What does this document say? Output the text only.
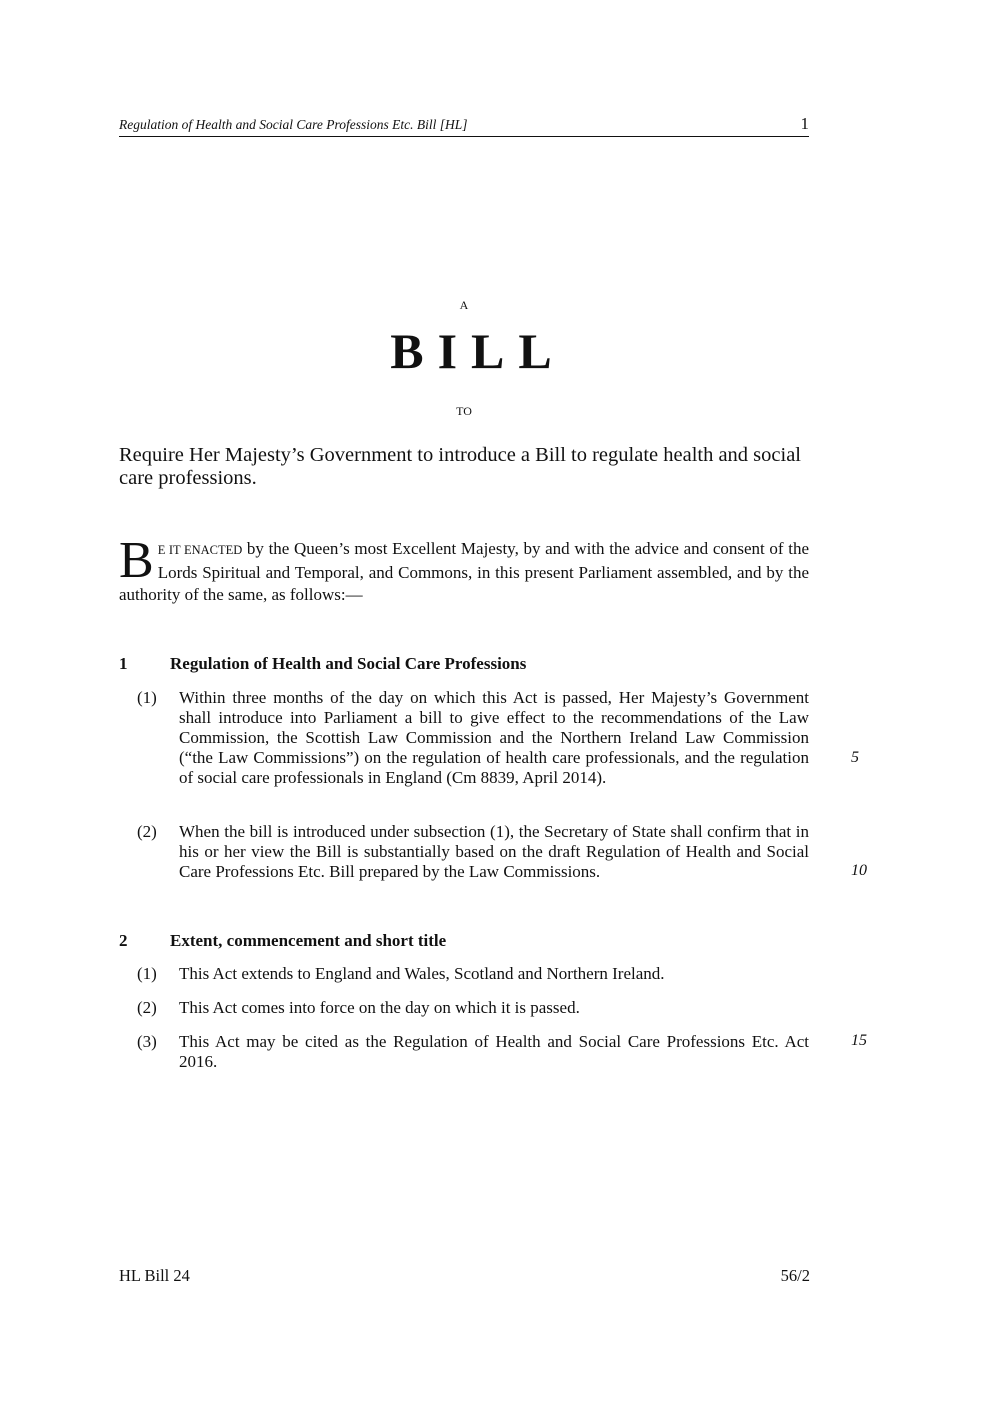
Regulation of Health and Social Care Professions Etc. Bill [HL]	1
A
BILL
TO
Require Her Majesty’s Government to introduce a Bill to regulate health and social care professions.
B E IT ENACTED by the Queen’s most Excellent Majesty, by and with the advice and consent of the Lords Spiritual and Temporal, and Commons, in this present Parliament assembled, and by the authority of the same, as follows:—
1	Regulation of Health and Social Care Professions
(1) Within three months of the day on which this Act is passed, Her Majesty’s Government shall introduce into Parliament a bill to give effect to the recommendations of the Law Commission, the Scottish Law Commission and the Northern Ireland Law Commission (“the Law Commissions”) on the regulation of health care professionals, and the regulation of social care professionals in England (Cm 8839, April 2014).
5
(2) When the bill is introduced under subsection (1), the Secretary of State shall confirm that in his or her view the Bill is substantially based on the draft Regulation of Health and Social Care Professions Etc. Bill prepared by the Law Commissions.	10
2	Extent, commencement and short title
(1) This Act extends to England and Wales, Scotland and Northern Ireland.
(2) This Act comes into force on the day on which it is passed.
(3) This Act may be cited as the Regulation of Health and Social Care Professions Etc. Act 2016.
15
HL Bill 24	56/2
